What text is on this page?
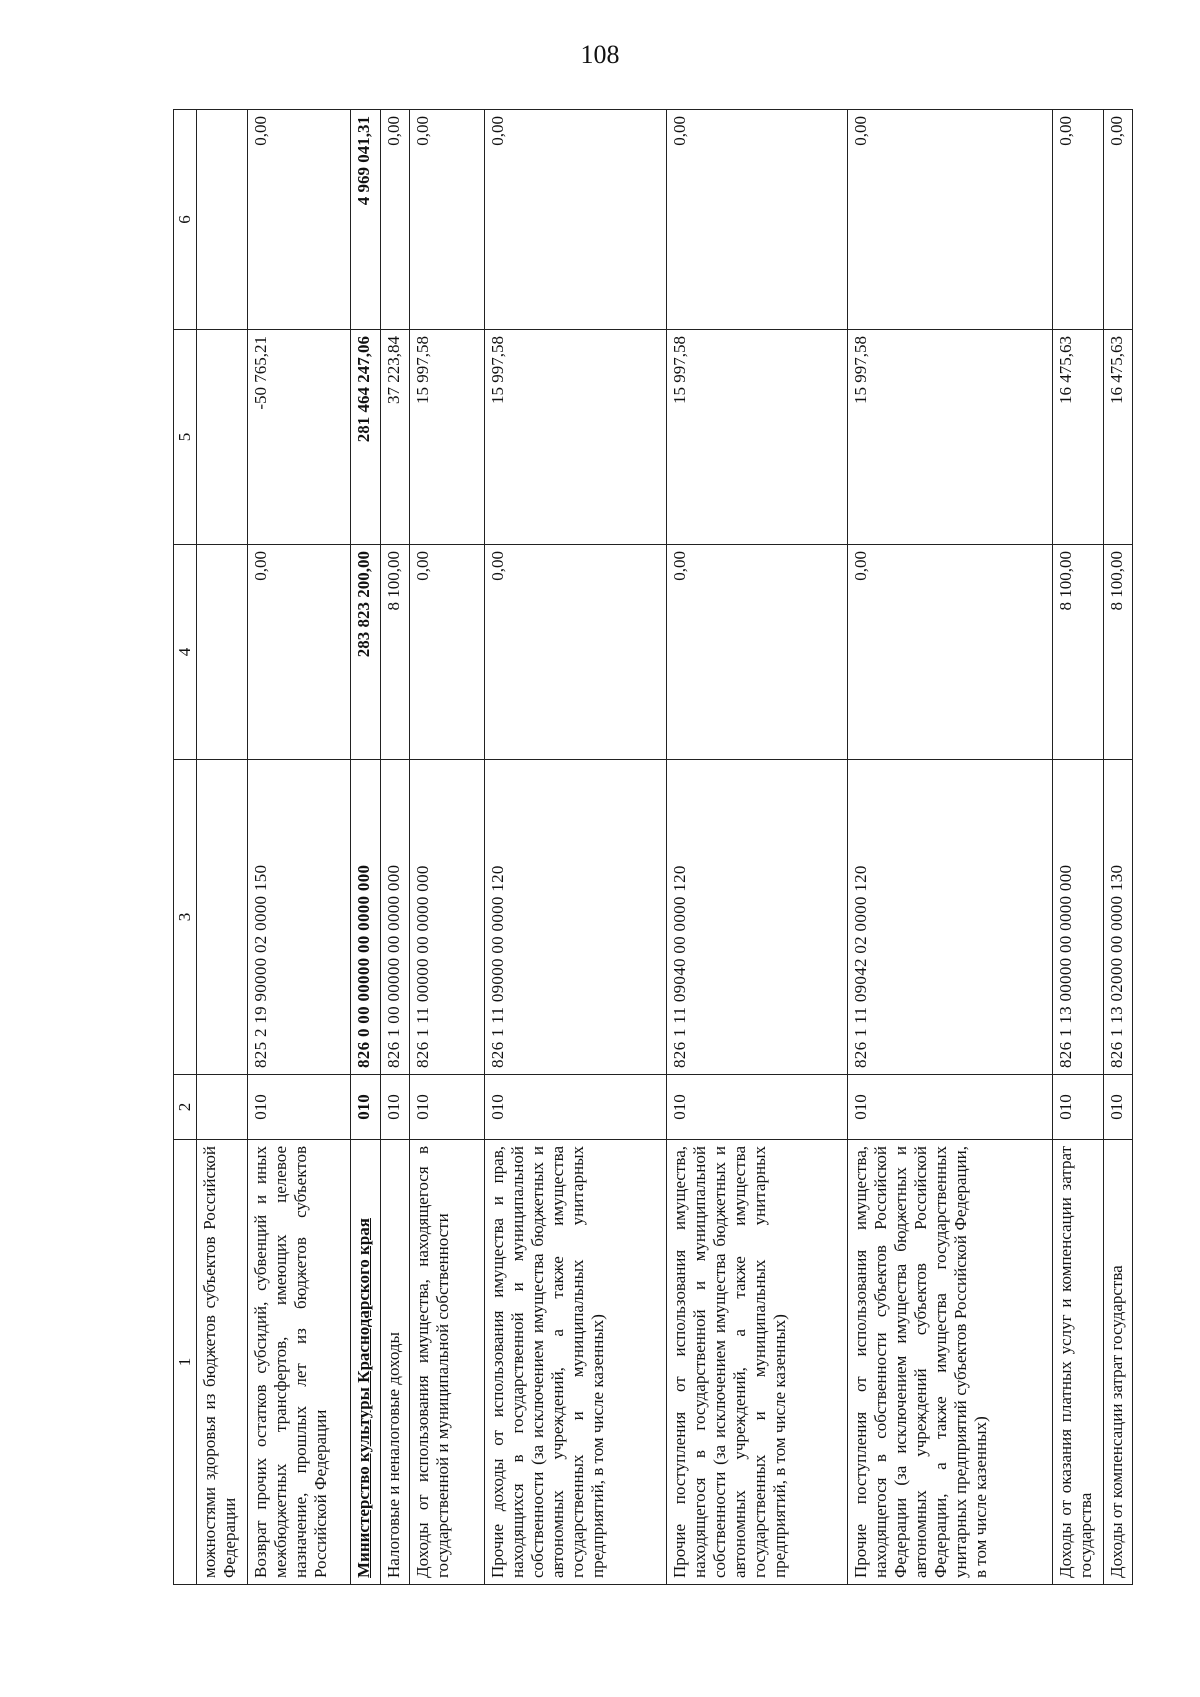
108
1	2	3	4	5	6
можностями здоровья из бюджетов субъектов Российской Федерации					
Возврат прочих остатков субсидий, субвенций и иных межбюджетных трансфертов, имеющих целевое назначение, прошлых лет из бюджетов субъектов Российской Федерации	010	825 2 19 90000 02 0000 150	0,00	-50 765,21	0,00
Министерство культуры Краснодарского края	010	826 0 00 00000 00 0000 000	283 823 200,00	281 464 247,06	4 969 041,31
Налоговые и неналоговые доходы	010	826 1 00 00000 00 0000 000	8 100,00	37 223,84	0,00
Доходы от использования имущества, находящегося в государственной и муниципальной собственности	010	826 1 11 00000 00 0000 000	0,00	15 997,58	0,00
Прочие доходы от использования имущества и прав, находящихся в государственной и муниципальной собственности (за исключением имущества бюджетных и автономных учреждений, а также имущества государственных и муниципальных унитарных предприятий, в том числе казенных)	010	826 1 11 09000 00 0000 120	0,00	15 997,58	0,00
Прочие поступления от использования имущества, находящегося в государственной и муниципальной собственности (за исключением имущества бюджетных и автономных учреждений, а также имущества государственных и муниципальных унитарных предприятий, в том числе казенных)	010	826 1 11 09040 00 0000 120	0,00	15 997,58	0,00
Прочие поступления от использования имущества, находящегося в собственности субъектов Российской Федерации (за исключением имущества бюджетных и автономных учреждений субъектов Российской Федерации, а также имущества государственных унитарных предприятий субъектов Российской Федерации, в том числе казенных)	010	826 1 11 09042 02 0000 120	0,00	15 997,58	0,00
Доходы от оказания платных услуг и компенсации затрат государства	010	826 1 13 00000 00 0000 000	8 100,00	16 475,63	0,00
Доходы от компенсации затрат государства	010	826 1 13 02000 00 0000 130	8 100,00	16 475,63	0,00
